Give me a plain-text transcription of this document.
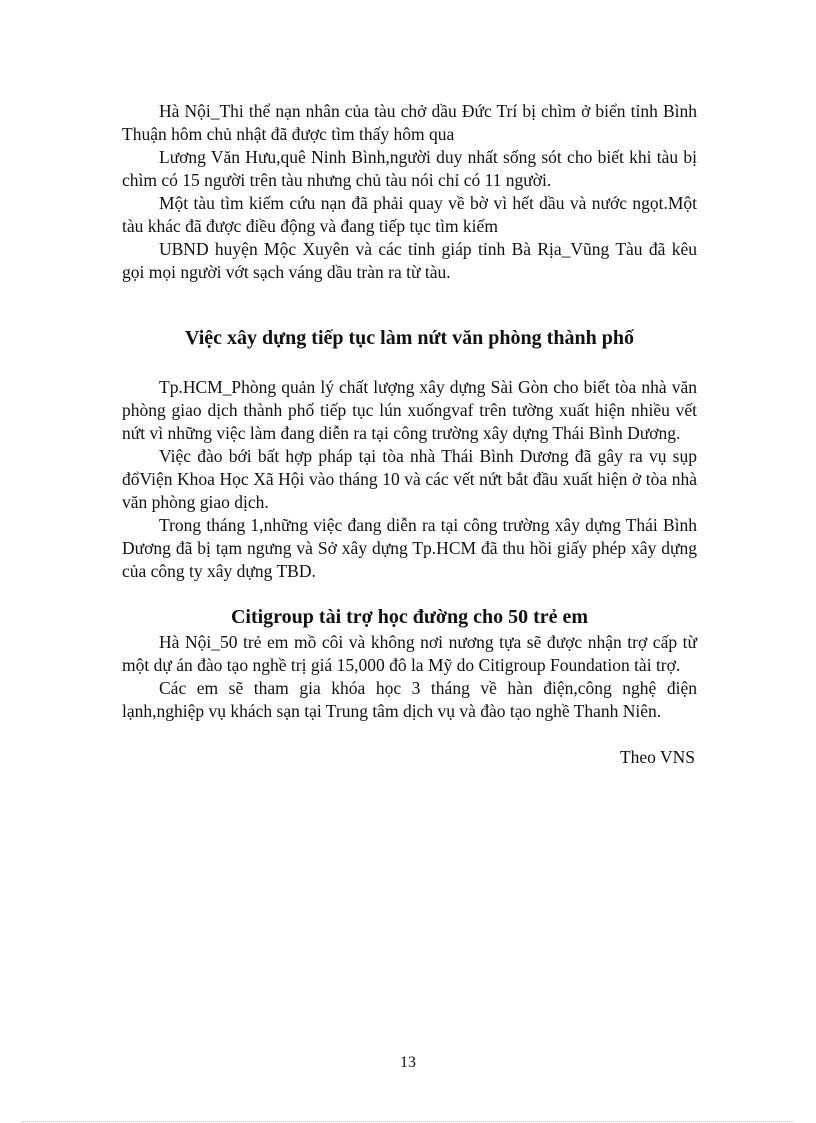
Hà Nội_Thi thể nạn nhân của tàu chở dầu Đức Trí bị chìm ở biển tỉnh Bình Thuận hôm chủ nhật đã được tìm thấy hôm qua

Lương Văn Hưu,quê Ninh Bình,người duy nhất sống sót cho biết khi tàu bị chìm có 15 người trên tàu nhưng chủ tàu nói chỉ có 11 người.

Một tàu tìm kiếm cứu nạn đã phải quay về bờ vì hết dầu và nước ngọt.Một tàu khác đã được điều động và đang tiếp tục tìm kiếm

UBND huyện Mộc Xuyên và các tỉnh giáp tỉnh Bà Rịa_Vũng Tàu đã kêu gọi mọi người vớt sạch váng dầu tràn ra từ tàu.

Việc xây dựng tiếp tục làm nứt văn phòng thành phố

Tp.HCM_Phòng quản lý chất lượng xây dựng Sài Gòn cho biết tòa nhà văn phòng giao dịch thành phố tiếp tục lún xuốngvaf trên tường xuất hiện nhiều vết nứt vì những việc làm đang diễn ra tại công trường xây dựng Thái Bình Dương.

Việc đào bới bất hợp pháp tại tòa nhà Thái Bình Dương đã gây ra vụ sụp đổViện Khoa Học Xã Hội vào tháng 10 và các vết nứt bắt đầu xuất hiện ở tòa nhà văn phòng giao dịch.

Trong tháng 1,những việc đang diễn ra tại công trường xây dựng Thái Bình Dương đã bị tạm ngưng và Sở xây dựng Tp.HCM đã thu hồi giấy phép xây dựng của công ty xây dựng TBD.

Citigroup tài trợ học đường cho 50 trẻ em

Hà Nội_50 trẻ em mồ côi và không nơi nương tựa sẽ được nhận trợ cấp từ một dự án đào tạo nghề trị giá 15,000 đô la Mỹ do Citigroup Foundation tài trợ.

Các em sẽ tham gia khóa học 3 tháng về hàn điện,công nghệ điện lạnh,nghiệp vụ khách sạn tại Trung tâm dịch vụ và đào tạo nghề Thanh Niên.

Theo VNS

13
